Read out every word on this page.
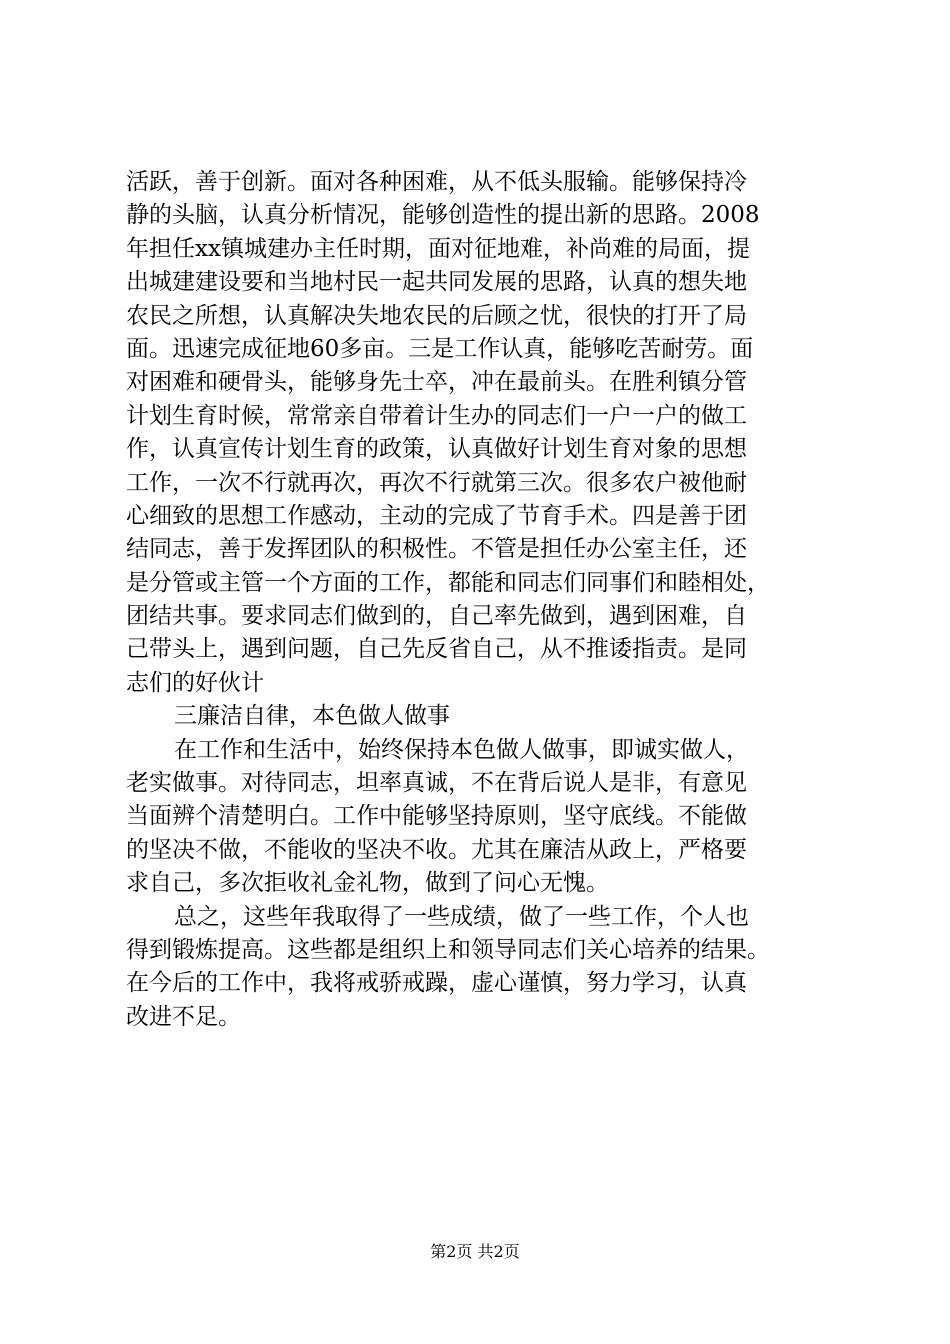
活跃，善于创新。面对各种困难，从不低头服输。能够保持冷
静的头脑，认真分析情况，能够创造性的提出新的思路。2008
年担任xx镇城建办主任时期，面对征地难，补尚难的局面，提
出城建建设要和当地村民一起共同发展的思路，认真的想失地
农民之所想，认真解决失地农民的后顾之忧，很快的打开了局
面。迅速完成征地60多亩。三是工作认真，能够吃苦耐劳。面
对困难和硬骨头，能够身先士卒，冲在最前头。在胜利镇分管
计划生育时候，常常亲自带着计生办的同志们一户一户的做工
作，认真宣传计划生育的政策，认真做好计划生育对象的思想
工作，一次不行就再次，再次不行就第三次。很多农户被他耐
心细致的思想工作感动，主动的完成了节育手术。四是善于团
结同志，善于发挥团队的积极性。不管是担任办公室主任，还
是分管或主管一个方面的工作，都能和同志们同事们和睦相处，
团结共事。要求同志们做到的，自己率先做到，遇到困难，自
己带头上，遇到问题，自己先反省自己，从不推诿指责。是同
志们的好伙计
三廉洁自律，本色做人做事
在工作和生活中，始终保持本色做人做事，即诚实做人，
老实做事。对待同志，坦率真诚，不在背后说人是非，有意见
当面辨个清楚明白。工作中能够坚持原则，坚守底线。不能做
的坚决不做，不能收的坚决不收。尤其在廉洁从政上，严格要
求自己，多次拒收礼金礼物，做到了问心无愧。
总之，这些年我取得了一些成绩，做了一些工作，个人也
得到锻炼提高。这些都是组织上和领导同志们关心培养的结果。
在今后的工作中，我将戒骄戒躁，虚心谨慎，努力学习，认真
改进不足。
第2页 共2页
